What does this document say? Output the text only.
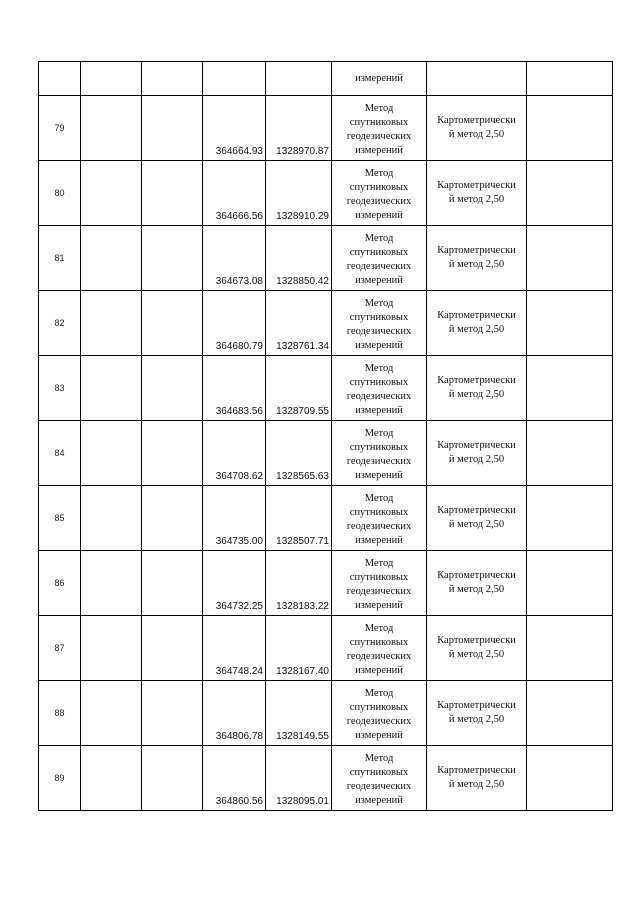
					измерений		

79			364664.93	1328970.87	Метод
спутниковых
геодезических
измерений	Картометрически
й метод 2,50	

80			364666.56	1328910.29	Метод
спутниковых
геодезических
измерений	Картометрически
й метод 2,50	

81			364673.08	1328850.42	Метод
спутниковых
геодезических
измерений	Картометрически
й метод 2,50	

82			364680.79	1328761.34	Метод
спутниковых
геодезических
измерений	Картометрически
й метод 2,50	

83			364683.56	1328709.55	Метод
спутниковых
геодезических
измерений	Картометрически
й метод 2,50	

84			364708.62	1328565.63	Метод
спутниковых
геодезических
измерений	Картометрически
й метод 2,50	

85			364735.00	1328507.71	Метод
спутниковых
геодезических
измерений	Картометрически
й метод 2,50	

86			364732.25	1328183.22	Метод
спутниковых
геодезических
измерений	Картометрически
й метод 2,50	

87			364748.24	1328167.40	Метод
спутниковых
геодезических
измерений	Картометрически
й метод 2,50	

88			364806.78	1328149.55	Метод
спутниковых
геодезических
измерений	Картометрически
й метод 2,50	

89			364860.56	1328095.01	Метод
спутниковых
геодезических
измерений	Картометрически
й метод 2,50	
